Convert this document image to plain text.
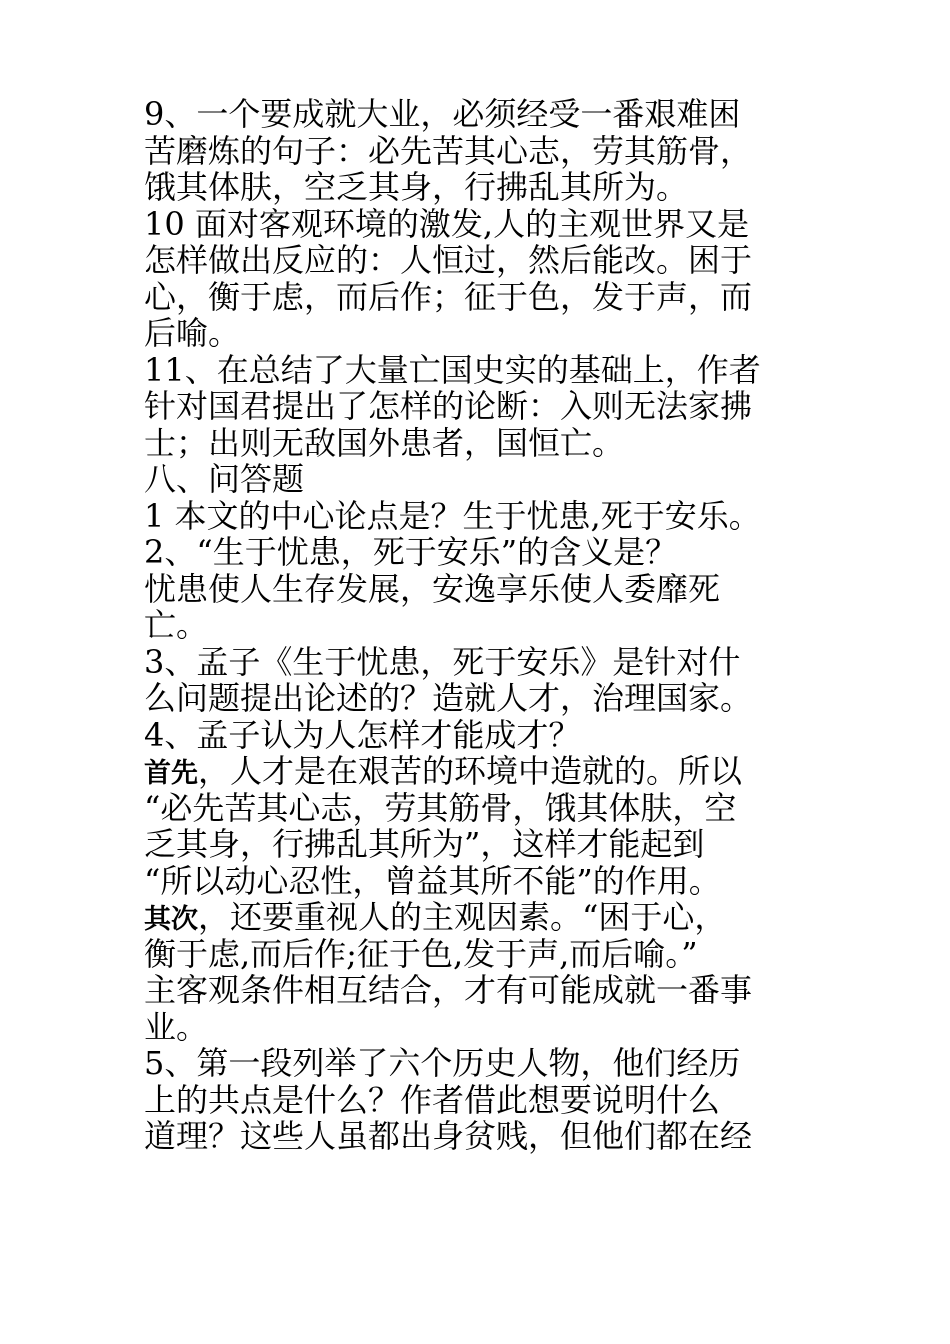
9、一个要成就大业，必须经受一番艰难困
苦磨炼的句子：必先苦其心志，劳其筋骨，
饿其体肤，空乏其身，行拂乱其所为。
10 面对客观环境的激发,人的主观世界又是
怎样做出反应的：人恒过，然后能改。困于
心，衡于虑，而后作；征于色，发于声，而
后喻。
11、在总结了大量亡国史实的基础上，作者
针对国君提出了怎样的论断：入则无法家拂
士；出则无敌国外患者，国恒亡。
八、问答题
1 本文的中心论点是？生于忧患,死于安乐。
2、“生于忧患，死于安乐”的含义是？
忧患使人生存发展，安逸享乐使人委靡死
亡。
3、孟子《生于忧患，死于安乐》是针对什
么问题提出论述的？造就人才，治理国家。
4、孟子认为人怎样才能成才？
首先，人才是在艰苦的环境中造就的。所以
“必先苦其心志，劳其筋骨，饿其体肤，空
乏其身，行拂乱其所为”，这样才能起到
“所以动心忍性，曾益其所不能”的作用。
其次，还要重视人的主观因素。“困于心，
衡于虑,而后作;征于色,发于声,而后喻。”
主客观条件相互结合，才有可能成就一番事
业。
5、第一段列举了六个历史人物，他们经历
上的共点是什么？作者借此想要说明什么
道理？这些人虽都出身贫贱，但他们都在经
